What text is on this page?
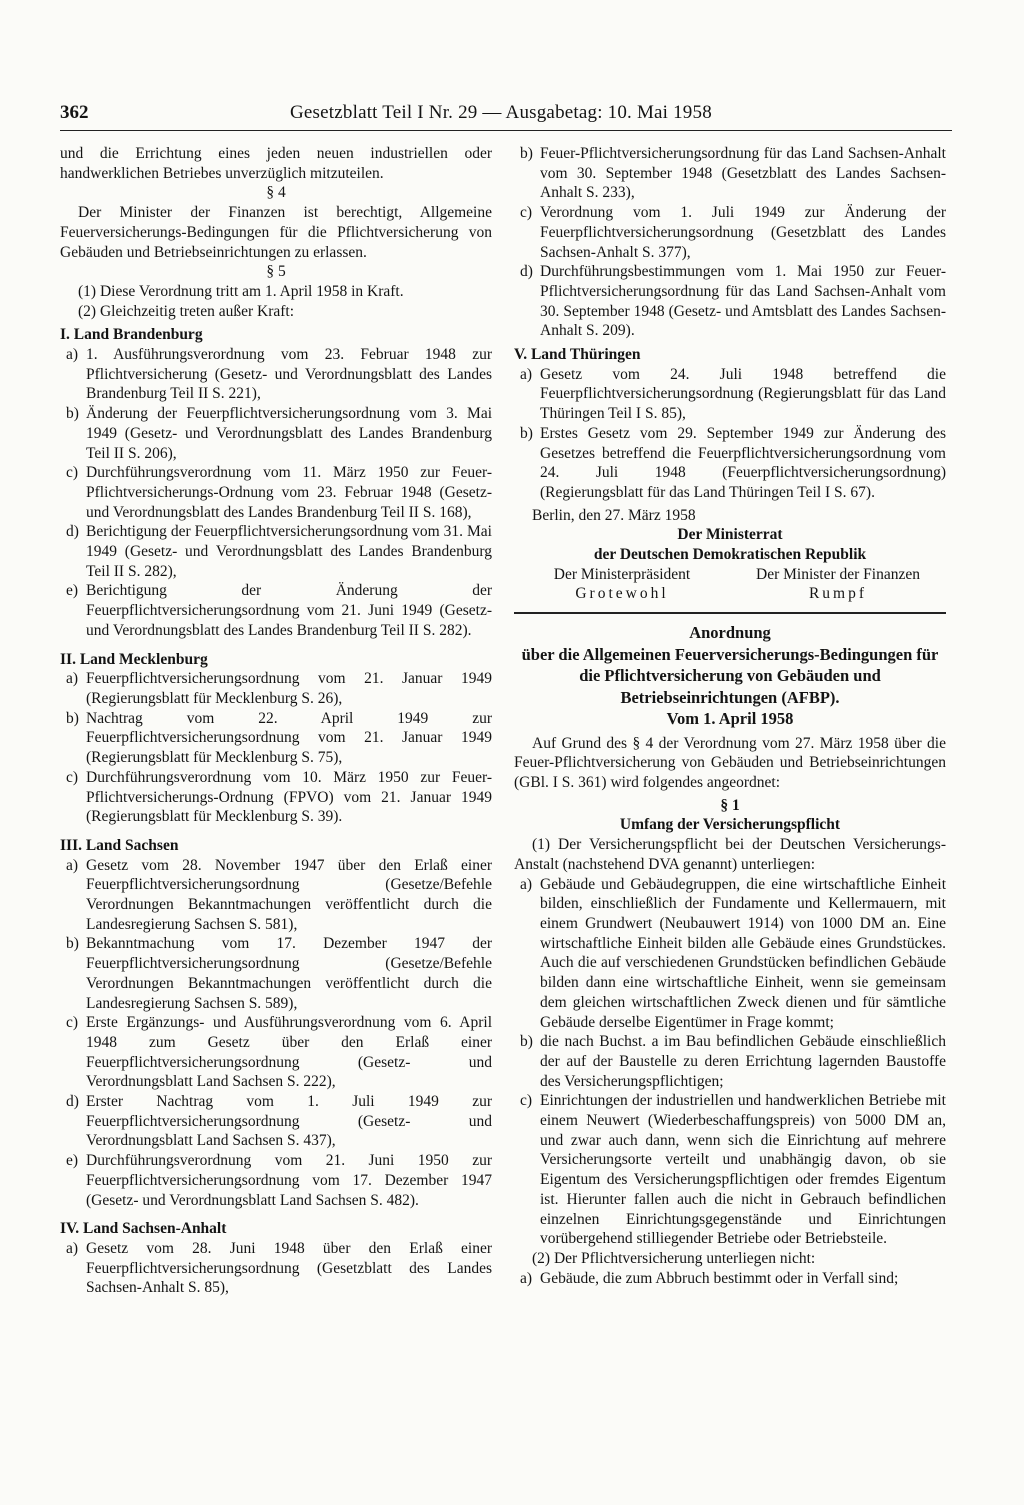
362	Gesetzblatt Teil I Nr. 29 — Ausgabetag: 10. Mai 1958

und die Errichtung eines jeden neuen industriellen oder handwerklichen Betriebes unverzüglich mitzuteilen.

§ 4

Der Minister der Finanzen ist berechtigt, Allgemeine Feuerversicherungs-Bedingungen für die Pflichtversicherung von Gebäuden und Betriebseinrichtungen zu erlassen.

§ 5

(1) Diese Verordnung tritt am 1. April 1958 in Kraft.

(2) Gleichzeitig treten außer Kraft:

I. Land Brandenburg

a) 1. Ausführungsverordnung vom 23. Februar 1948 zur Pflichtversicherung (Gesetz- und Verordnungsblatt des Landes Brandenburg Teil II S. 221),
b) Änderung der Feuerpflichtversicherungsordnung vom 3. Mai 1949 (Gesetz- und Verordnungsblatt des Landes Brandenburg Teil II S. 206),
c) Durchführungsverordnung vom 11. März 1950 zur Feuer-Pflichtversicherungs-Ordnung vom 23. Februar 1948 (Gesetz- und Verordnungsblatt des Landes Brandenburg Teil II S. 168),
d) Berichtigung der Feuerpflichtversicherungsordnung vom 31. Mai 1949 (Gesetz- und Verordnungsblatt des Landes Brandenburg Teil II S. 282),
e) Berichtigung der Änderung der Feuerpflichtversicherungsordnung vom 21. Juni 1949 (Gesetz- und Verordnungsblatt des Landes Brandenburg Teil II S. 282).

II. Land Mecklenburg

a) Feuerpflichtversicherungsordnung vom 21. Januar 1949 (Regierungsblatt für Mecklenburg S. 26),
b) Nachtrag vom 22. April 1949 zur Feuerpflichtversicherungsordnung vom 21. Januar 1949 (Regierungsblatt für Mecklenburg S. 75),
c) Durchführungsverordnung vom 10. März 1950 zur Feuer-Pflichtversicherungs-Ordnung (FPVO) vom 21. Januar 1949 (Regierungsblatt für Mecklenburg S. 39).

III. Land Sachsen

a) Gesetz vom 28. November 1947 über den Erlaß einer Feuerpflichtversicherungsordnung (Gesetze/Befehle Verordnungen Bekanntmachungen veröffentlicht durch die Landesregierung Sachsen S. 581),
b) Bekanntmachung vom 17. Dezember 1947 der Feuerpflichtversicherungsordnung (Gesetze/Befehle Verordnungen Bekanntmachungen veröffentlicht durch die Landesregierung Sachsen S. 589),
c) Erste Ergänzungs- und Ausführungsverordnung vom 6. April 1948 zum Gesetz über den Erlaß einer Feuerpflichtversicherungsordnung (Gesetz- und Verordnungsblatt Land Sachsen S. 222),
d) Erster Nachtrag vom 1. Juli 1949 zur Feuerpflichtversicherungsordnung (Gesetz- und Verordnungsblatt Land Sachsen S. 437),
e) Durchführungsverordnung vom 21. Juni 1950 zur Feuerpflichtversicherungsordnung vom 17. Dezember 1947 (Gesetz- und Verordnungsblatt Land Sachsen S. 482).

IV. Land Sachsen-Anhalt

a) Gesetz vom 28. Juni 1948 über den Erlaß einer Feuerpflichtversicherungsordnung (Gesetzblatt des Landes Sachsen-Anhalt S. 85),
b) Feuer-Pflichtversicherungsordnung für das Land Sachsen-Anhalt vom 30. September 1948 (Gesetzblatt des Landes Sachsen-Anhalt S. 233),
c) Verordnung vom 1. Juli 1949 zur Änderung der Feuerpflichtversicherungsordnung (Gesetzblatt des Landes Sachsen-Anhalt S. 377),
d) Durchführungsbestimmungen vom 1. Mai 1950 zur Feuer-Pflichtversicherungsordnung für das Land Sachsen-Anhalt vom 30. September 1948 (Gesetz- und Amtsblatt des Landes Sachsen-Anhalt S. 209).

V. Land Thüringen

a) Gesetz vom 24. Juli 1948 betreffend die Feuerpflichtversicherungsordnung (Regierungsblatt für das Land Thüringen Teil I S. 85),
b) Erstes Gesetz vom 29. September 1949 zur Änderung des Gesetzes betreffend die Feuerpflichtversicherungsordnung vom 24. Juli 1948 (Feuerpflichtversicherungsordnung) (Regierungsblatt für das Land Thüringen Teil I S. 67).

Berlin, den 27. März 1958

Der Ministerrat

der Deutschen Demokratischen Republik

Der Ministerpräsident	Der Minister der Finanzen
Grotewohl	Rumpf

Anordnung

über die Allgemeinen Feuerversicherungs-Bedingungen für die Pflichtversicherung von Gebäuden und Betriebseinrichtungen (AFBP).

Vom 1. April 1958

Auf Grund des § 4 der Verordnung vom 27. März 1958 über die Feuer-Pflichtversicherung von Gebäuden und Betriebseinrichtungen (GBl. I S. 361) wird folgendes angeordnet:

§ 1

Umfang der Versicherungspflicht

(1) Der Versicherungspflicht bei der Deutschen Versicherungs-Anstalt (nachstehend DVA genannt) unterliegen:

a) Gebäude und Gebäudegruppen, die eine wirtschaftliche Einheit bilden, einschließlich der Fundamente und Kellermauern, mit einem Grundwert (Neubauwert 1914) von 1000 DM an. Eine wirtschaftliche Einheit bilden alle Gebäude eines Grundstückes. Auch die auf verschiedenen Grundstücken befindlichen Gebäude bilden dann eine wirtschaftliche Einheit, wenn sie gemeinsam dem gleichen wirtschaftlichen Zweck dienen und für sämtliche Gebäude derselbe Eigentümer in Frage kommt;
b) die nach Buchst. a im Bau befindlichen Gebäude einschließlich der auf der Baustelle zu deren Errichtung lagernden Baustoffe des Versicherungspflichtigen;
c) Einrichtungen der industriellen und handwerklichen Betriebe mit einem Neuwert (Wiederbeschaffungspreis) von 5000 DM an, und zwar auch dann, wenn sich die Einrichtung auf mehrere Versicherungsorte verteilt und unabhängig davon, ob sie Eigentum des Versicherungspflichtigen oder fremdes Eigentum ist. Hierunter fallen auch die nicht in Gebrauch befindlichen einzelnen Einrichtungsgegenstände und Einrichtungen vorübergehend stilliegender Betriebe oder Betriebsteile.

(2) Der Pflichtversicherung unterliegen nicht:

a) Gebäude, die zum Abbruch bestimmt oder in Verfall sind;
